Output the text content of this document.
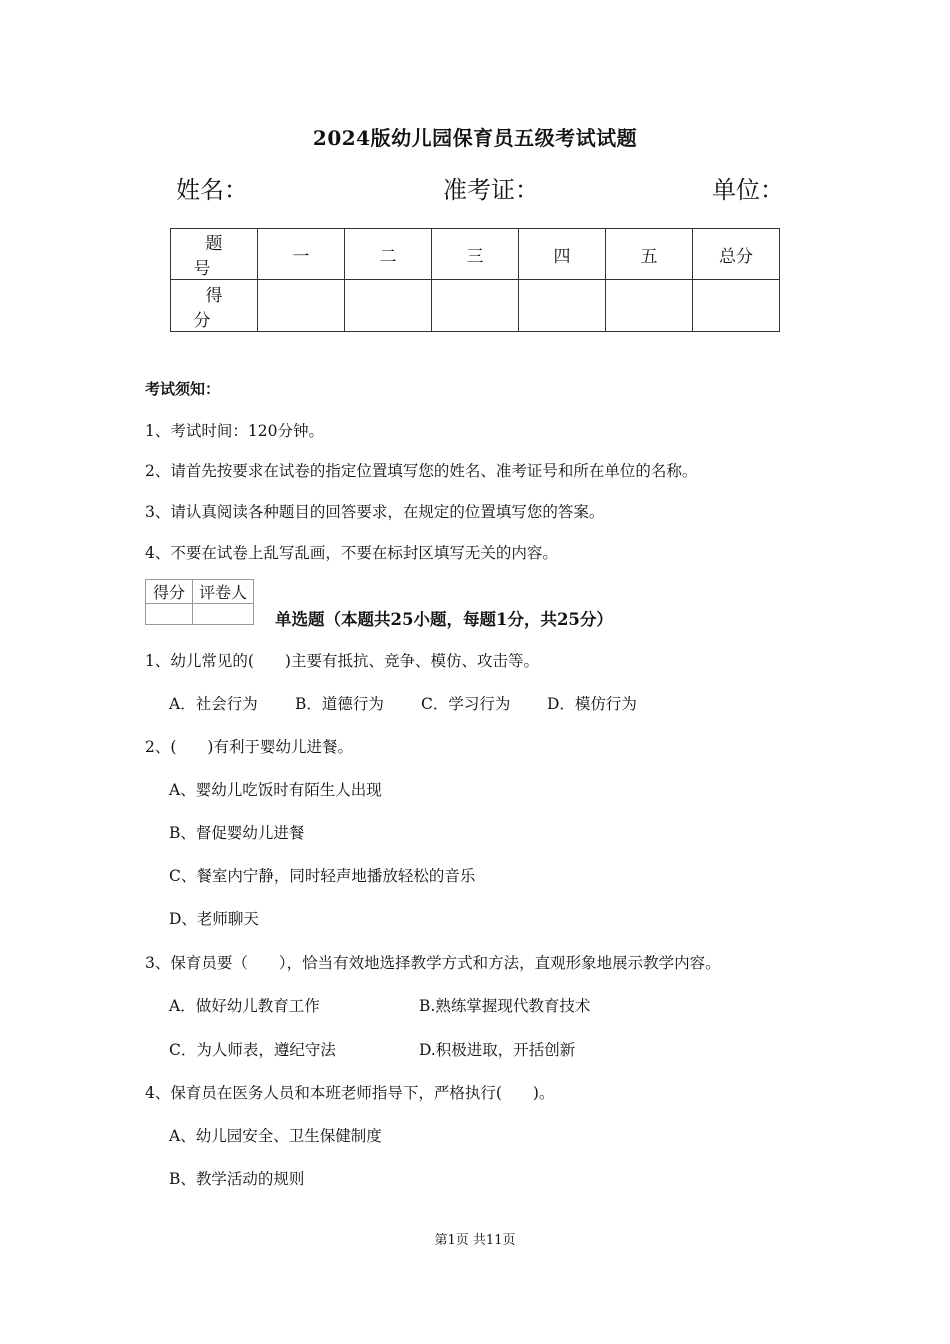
2024版幼儿园保育员五级考试试题
姓名：	准考证：	单位：
题号	一	二	三	四	五	总分
得分						
考试须知：
1、考试时间：120分钟。
2、请首先按要求在试卷的指定位置填写您的姓名、准考证号和所在单位的名称。
3、请认真阅读各种题目的回答要求，在规定的位置填写您的答案。
4、不要在试卷上乱写乱画，不要在标封区填写无关的内容。
得分	评卷人

单选题（本题共25小题，每题1分，共25分）
1、幼儿常见的(　　)主要有抵抗、竞争、模仿、攻击等。
A．社会行为 B．道德行为 C．学习行为 D．模仿行为
2、(　　)有利于婴幼儿进餐。
A、婴幼儿吃饭时有陌生人出现
B、督促婴幼儿进餐
C、餐室内宁静，同时轻声地播放轻松的音乐
D、老师聊天
3、保育员要（　　），恰当有效地选择教学方式和方法，直观形象地展示教学内容。
A．做好幼儿教育工作	B.熟练掌握现代教育技术
C．为人师表，遵纪守法	D.积极进取，开括创新
4、保育员在医务人员和本班老师指导下，严格执行(　　)。
A、幼儿园安全、卫生保健制度
B、教学活动的规则
第1页 共11页
